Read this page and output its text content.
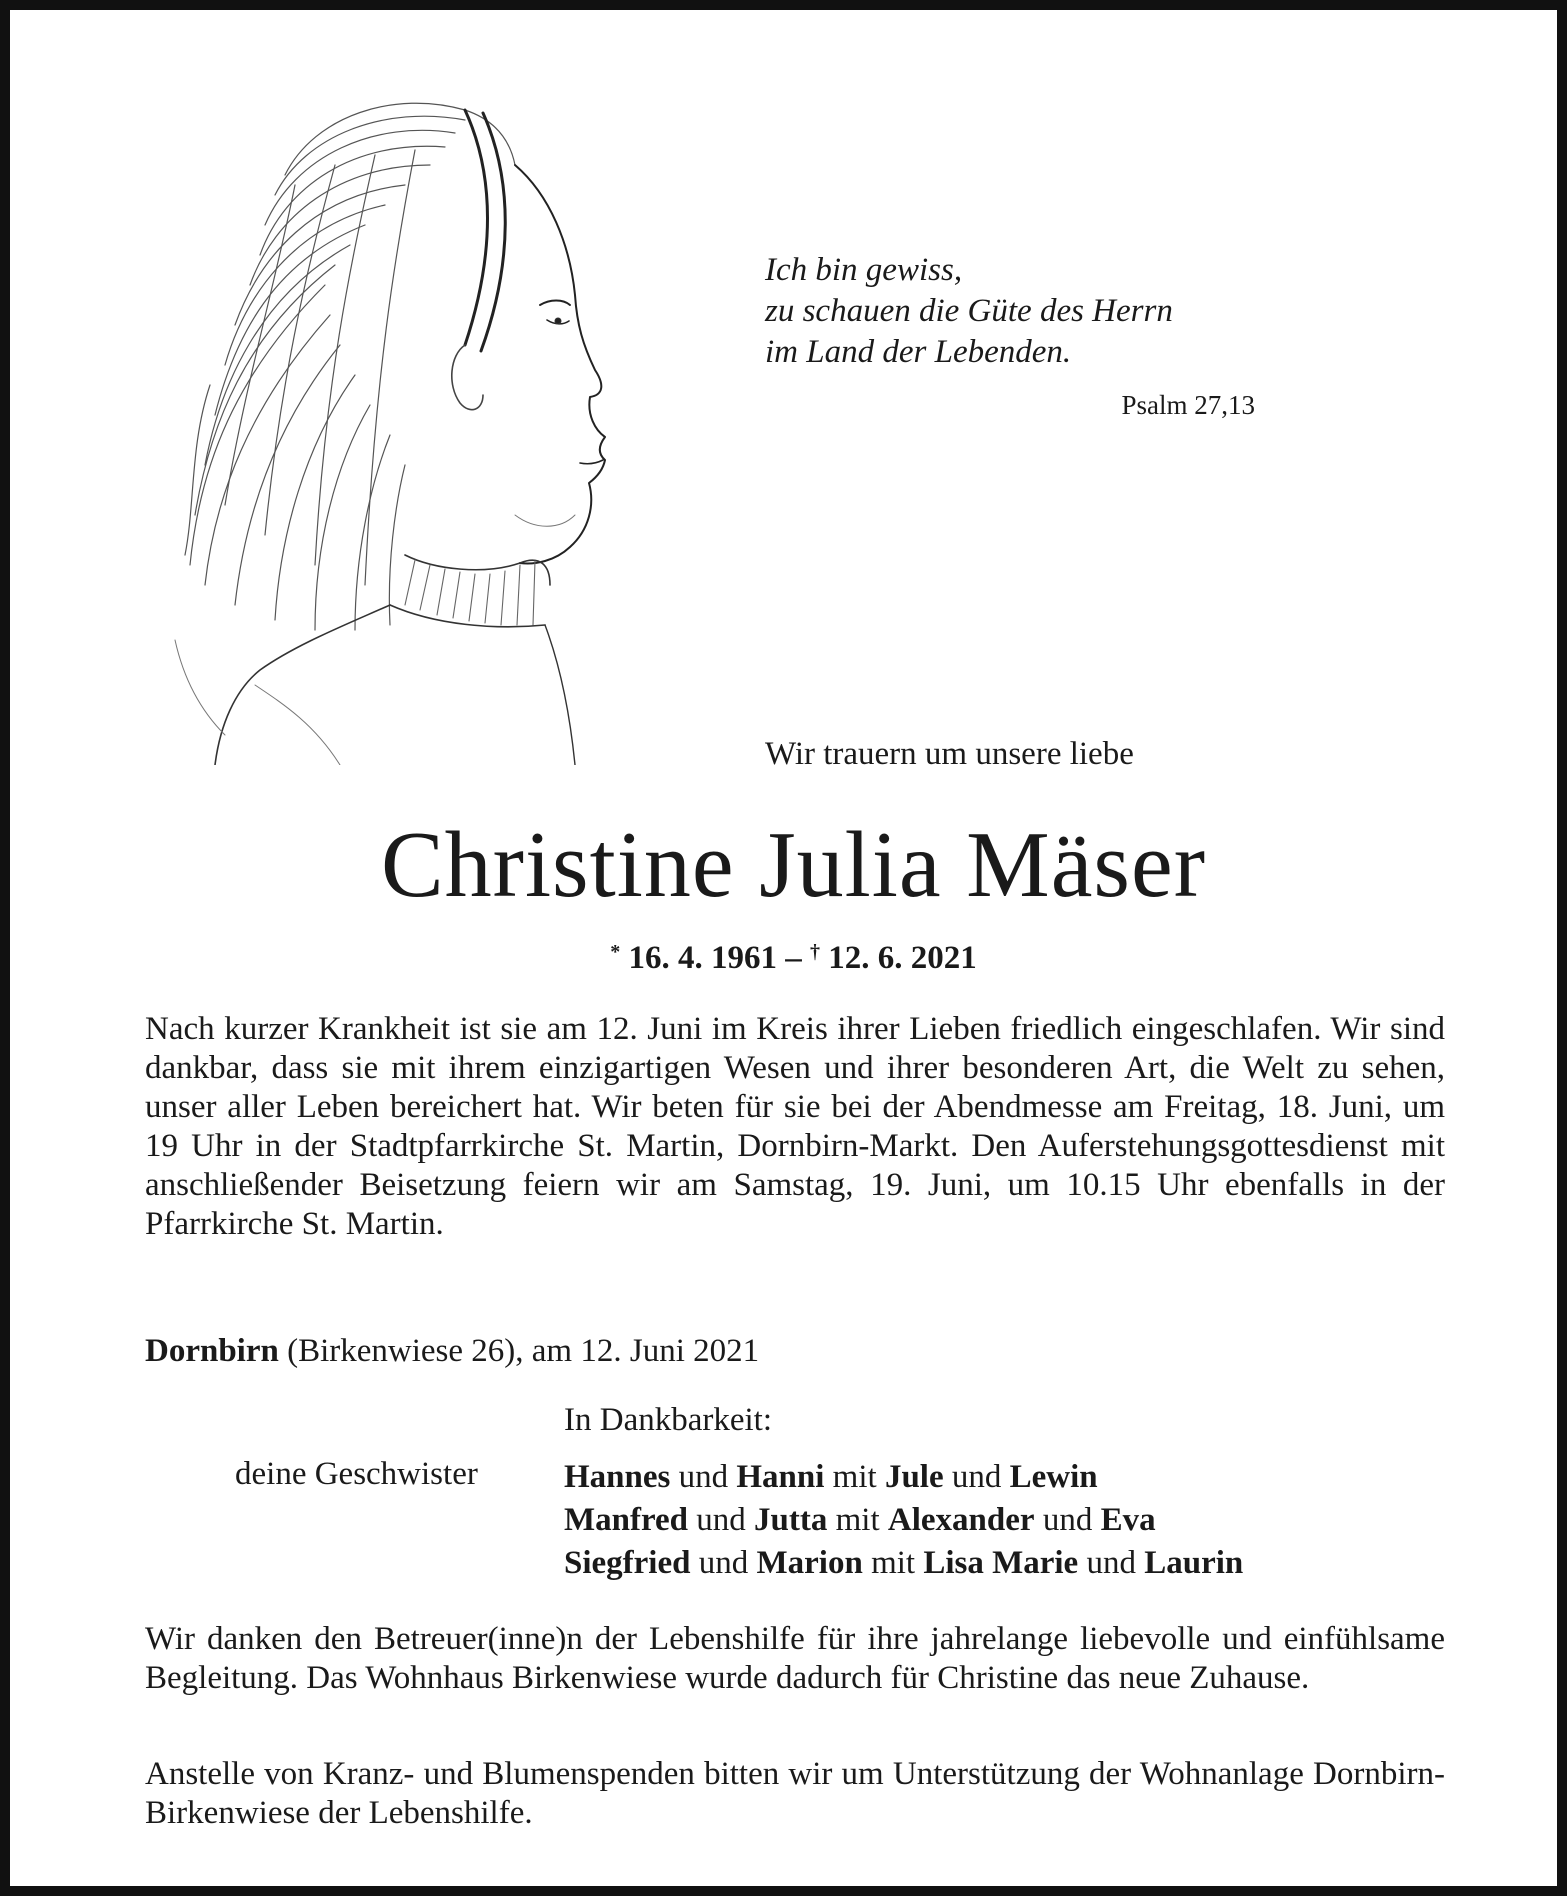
Ich bin gewiss,
zu schauen die Güte des Herrn
im Land der Lebenden.
Psalm 27,13
Wir trauern um unsere liebe
Christine Julia Mäser
* 16. 4. 1961 – † 12. 6. 2021
Nach kurzer Krankheit ist sie am 12. Juni im Kreis ihrer Lieben friedlich eingeschlafen. Wir sind dankbar, dass sie mit ihrem einzigartigen Wesen und ihrer besonderen Art, die Welt zu sehen, unser aller Leben bereichert hat. Wir beten für sie bei der Abendmesse am Freitag, 18. Juni, um 19 Uhr in der Stadtpfarrkirche St. Martin, Dornbirn-Markt. Den Auferstehungsgottesdienst mit anschließender Beisetzung feiern wir am Samstag, 19. Juni, um 10.15 Uhr ebenfalls in der Pfarrkirche St. Martin.
Dornbirn (Birkenwiese 26), am 12. Juni 2021
In Dankbarkeit:
deine Geschwister	Hannes und Hanni mit Jule und Lewin
Manfred und Jutta mit Alexander und Eva
Siegfried und Marion mit Lisa Marie und Laurin
Wir danken den Betreuer(inne)n der Lebenshilfe für ihre jahrelange liebevolle und einfühlsame Begleitung. Das Wohnhaus Birkenwiese wurde dadurch für Christine das neue Zuhause.
Anstelle von Kranz- und Blumenspenden bitten wir um Unterstützung der Wohnanlage Dornbirn-Birkenwiese der Lebenshilfe.
